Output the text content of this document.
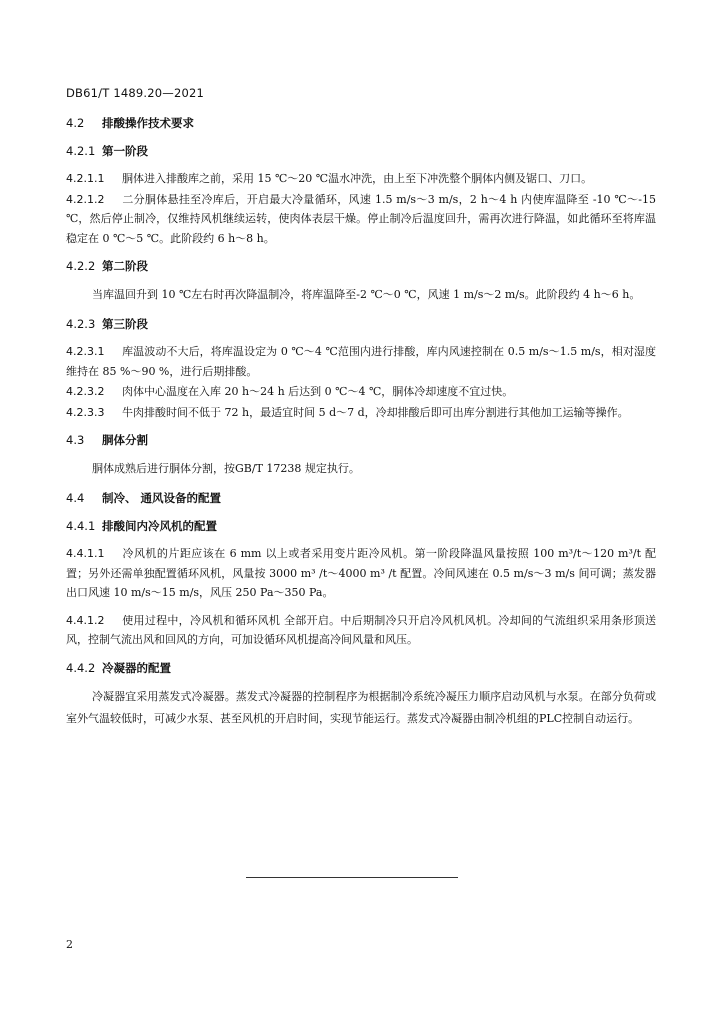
DB61/T 1489.20—2021
4.2 排酸操作技术要求
4.2.1 第一阶段

4.2.1.1 胴体进入排酸库之前，采用 15 ℃～20 ℃温水冲洗，由上至下冲洗整个胴体内侧及锯口、刀口。

4.2.1.2 二分胴体悬挂至冷库后，开启最大冷量循环，风速 1.5 m/s～3 m/s，2 h～4 h 内使库温降至 -10 ℃～-15 ℃，然后停止制冷，仅维持风机继续运转，使肉体表层干燥。停止制冷后温度回升，需再次进行降温，如此循环至将库温稳定在 0 ℃～5 ℃。此阶段约 6 h～8 h。

4.2.2 第二阶段

当库温回升到 10 ℃左右时再次降温制冷，将库温降至-2 ℃～0 ℃，风速 1 m/s～2 m/s。此阶段约 4 h～6 h。

4.2.3 第三阶段

4.2.3.1 库温波动不大后，将库温设定为 0 ℃～4 ℃范围内进行排酸，库内风速控制在 0.5 m/s～1.5 m/s，相对湿度维持在 85 %～90 %，进行后期排酸。

4.2.3.2 肉体中心温度在入库 20 h～24 h 后达到 0 ℃～4 ℃，胴体冷却速度不宜过快。

4.2.3.3 牛肉排酸时间不低于 72 h，最适宜时间 5 d～7 d，冷却排酸后即可出库分割进行其他加工运输等操作。

4.3 胴体分割

胴体成熟后进行胴体分割，按GB/T 17238 规定执行。

4.4 制冷、 通风设备的配置
4.4.1 排酸间内冷风机的配置

4.4.1.1 冷风机的片距应该在 6 mm 以上或者采用变片距冷风机。第一阶段降温风量按照 100 m³/t～120 m³/t 配置；另外还需单独配置循环风机，风量按 3000 m³ /t～4000 m³ /t 配置。冷间风速在 0.5 m/s～3 m/s 间可调；蒸发器出口风速 10 m/s～15 m/s，风压 250 Pa～350 Pa。

4.4.1.2 使用过程中，冷风机和循环风机 全部开启。中后期制冷只开启冷风机风机。冷却间的气流组织采用条形顶送风，控制气流出风和回风的方向，可加设循环风机提高冷间风量和风压。

4.4.2 冷凝器的配置

冷凝器宜采用蒸发式冷凝器。蒸发式冷凝器的控制程序为根据制冷系统冷凝压力顺序启动风机与水泵。在部分负荷或室外气温较低时，可减少水泵、甚至风机的开启时间，实现节能运行。蒸发式冷凝器由制冷机组的PLC控制自动运行。

2
